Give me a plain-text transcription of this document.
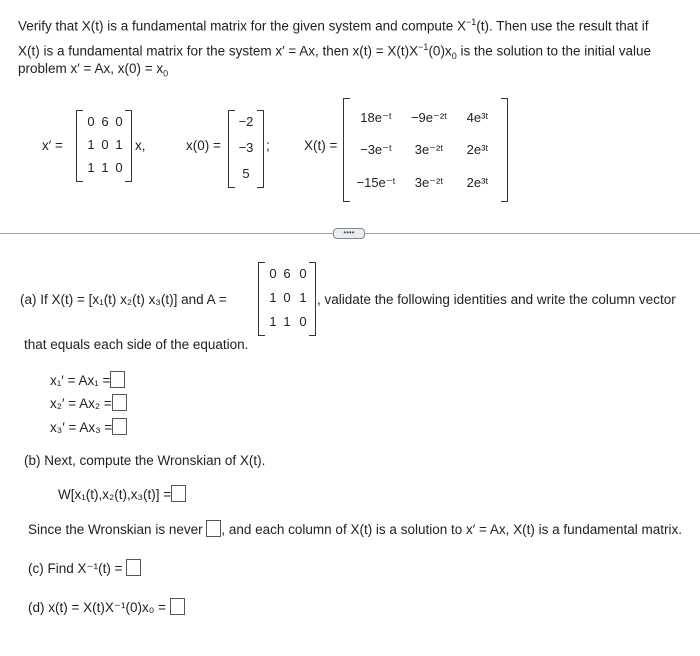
Verify that X(t) is a fundamental matrix for the given system and compute $X^{-1}(t)$. Then use the result that if
X(t) is a fundamental matrix for the system x′ = Ax, then $x(t) = X(t)X^{-1}(0)x_0$ is the solution to the initial value
problem x′ = Ax, $x(0) = x_0$
x′ =
0 6 0
1 0 1
1 1 0
x,	x(0) =
−2
−3
5
;	X(t) =
18e⁻ᵗ	−9e⁻²ᵗ	4e³ᵗ
−3e⁻ᵗ	3e⁻²ᵗ	2e³ᵗ
−15e⁻ᵗ	3e⁻²ᵗ	2e³ᵗ
••••
(a) If X(t) = [x₁(t) x₂(t) x₃(t)] and A =
0 6 0
1 0 1
1 1 0
, validate the following identities and write the column vector
that equals each side of the equation.
x₁′ = Ax₁ =
x₂′ = Ax₂ =
x₃′ = Ax₃ =
(b) Next, compute the Wronskian of X(t).
W[x₁(t),x₂(t),x₃(t)] =
Since the Wronskian is never , and each column of X(t) is a solution to x′ = Ax, X(t) is a fundamental matrix.
(c) Find X⁻¹(t) =
(d) x(t) = X(t)X⁻¹(0)x₀ =
